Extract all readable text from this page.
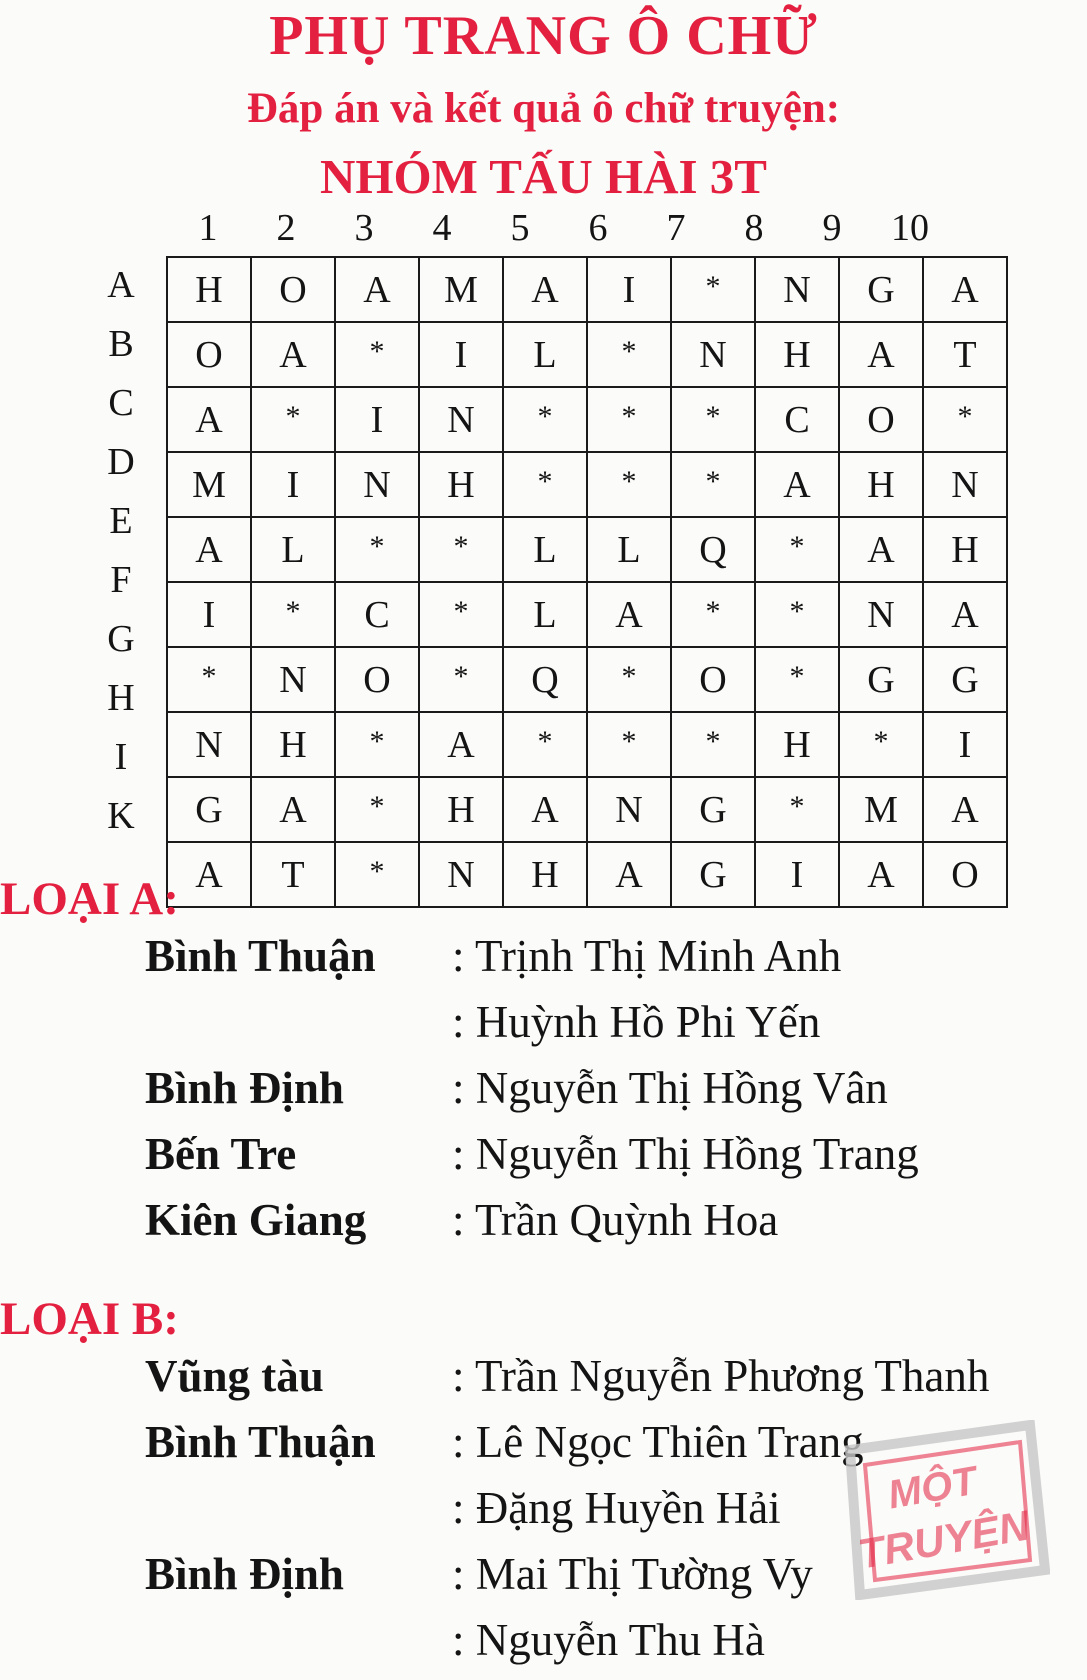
PHỤ TRANG Ô CHỮ
Đáp án và kết quả ô chữ truyện:
NHÓM TẤU HÀI 3T
1	2	3	4	5	6	7	8	9	10
A
B
C
D
E
F
G
H
I
K
H	O	A	M	A	I	*	N	G	A
O	A	*	I	L	*	N	H	A	T
A	*	I	N	*	*	*	C	O	*
M	I	N	H	*	*	*	A	H	N
A	L	*	*	L	L	Q	*	A	H
I	*	C	*	L	A	*	*	N	A
*	N	O	*	Q	*	O	*	G	G
N	H	*	A	*	*	*	H	*	I
G	A	*	H	A	N	G	*	M	A
A	T	*	N	H	A	G	I	A	O
LOẠI A:
Bình Thuận : Trịnh Thị Minh Anh
: Huỳnh Hồ Phi Yến
Bình Định : Nguyễn Thị Hồng Vân
Bến Tre	: Nguyễn Thị Hồng Trang
Kiên Giang : Trần Quỳnh Hoa
LOẠI B:
Vũng tàu	: Trần Nguyễn Phương Thanh
Bình Thuận : Lê Ngọc Thiên Trang
: Đặng Huyền Hải
Bình Định : Mai Thị Tường Vy
: Nguyễn Thu Hà
MỘT
TRUYỆN
